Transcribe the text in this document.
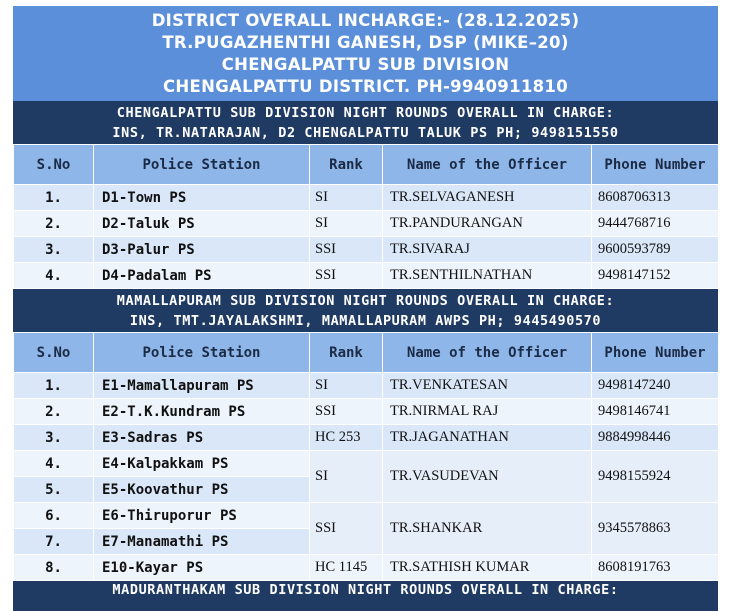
DISTRICT OVERALL INCHARGE:- (28.12.2025)
TR.PUGAZHENTHI GANESH, DSP (MIKE–20)
CHENGALPATTU SUB DIVISION
CHENGALPATTU DISTRICT. PH-9940911810
CHENGALPATTU SUB DIVISION NIGHT ROUNDS OVERALL IN CHARGE:
INS, TR.NATARAJAN, D2 CHENGALPATTU TALUK PS PH; 9498151550
S.No	Police Station	Rank	Name of the Officer	Phone Number
1.	D1-Town PS	SI	TR.SELVAGANESH	8608706313
2.	D2-Taluk PS	SI	TR.PANDURANGAN	9444768716
3.	D3-Palur PS	SSI	TR.SIVARAJ	9600593789
4.	D4-Padalam PS	SSI	TR.SENTHILNATHAN	9498147152
MAMALLAPURAM SUB DIVISION NIGHT ROUNDS OVERALL IN CHARGE:
INS, TMT.JAYALAKSHMI, MAMALLAPURAM AWPS PH; 9445490570
S.No	Police Station	Rank	Name of the Officer	Phone Number
1.	E1-Mamallapuram PS	SI	TR.VENKATESAN	9498147240
2.	E2-T.K.Kundram PS	SSI	TR.NIRMAL RAJ	9498146741
3.	E3-Sadras PS	HC 253	TR.JAGANATHAN	9884998446
4.	E4-Kalpakkam PS	SI	TR.VASUDEVAN	9498155924
5.	E5-Koovathur PS			
6.	E6-Thiruporur PS	SSI	TR.SHANKAR	9345578863
7.	E7-Manamathi PS			
8.	E10-Kayar PS	HC 1145	TR.SATHISH KUMAR	8608191763
MADURANTHAKAM SUB DIVISION NIGHT ROUNDS OVERALL IN CHARGE:
